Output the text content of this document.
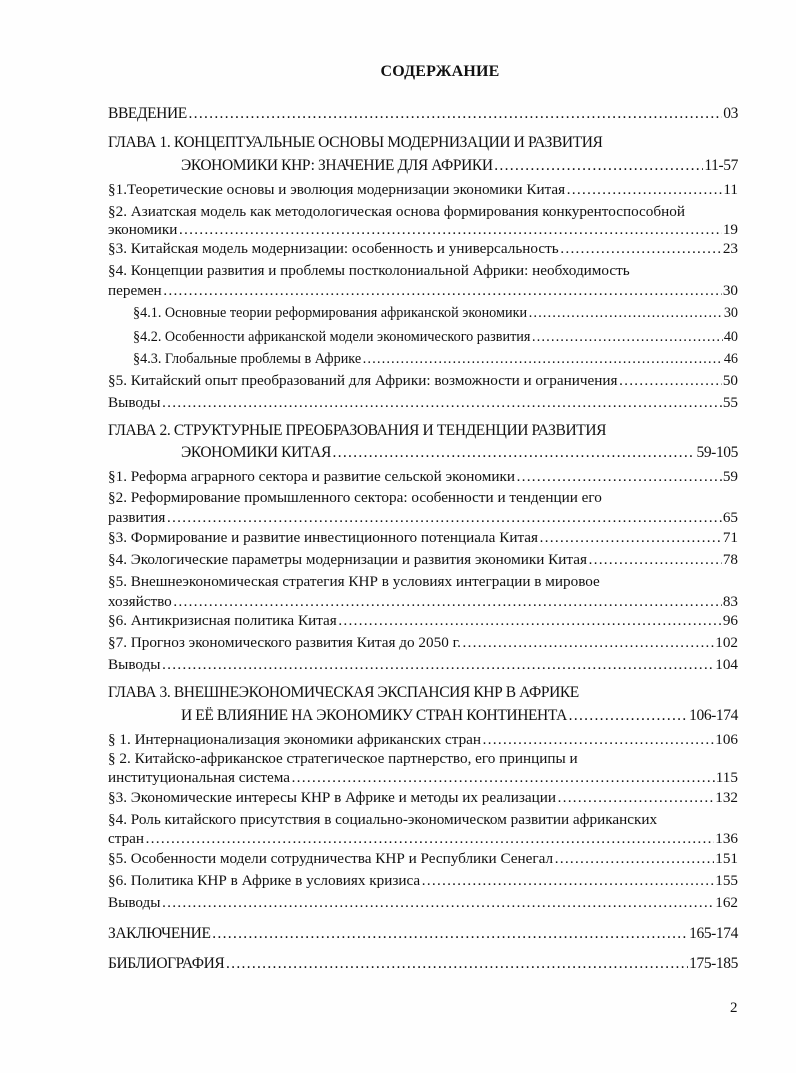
СОДЕРЖАНИЕ
ВВЕДЕНИЕ …………………………………………………………………………………………………………………………………………………………………………………………	03
ГЛАВА 1. КОНЦЕПТУАЛЬНЫЕ ОСНОВЫ МОДЕРНИЗАЦИИ И РАЗВИТИЯ
ЭКОНОМИКИ КНР: ЗНАЧЕНИЕ ДЛЯ АФРИКИ …………………………………………………………………………………………………………………………………………………………………………………………	11-57
§1.Теоретические основы и эволюция модернизации экономики Китая …………………………………………………………………………………………………………………………………………………………………………………………	11
§2. Азиатская модель как методологическая основа формирования конкурентоспособной
экономики …………………………………………………………………………………………………………………………………………………………………………………………	19
§3. Китайская модель модернизации: особенность и универсальность …………………………………………………………………………………………………………………………………………………………………………………………	23
§4. Концепции развития и проблемы постколониальной Африки: необходимость
перемен …………………………………………………………………………………………………………………………………………………………………………………………	30
§4.1. Основные теории реформирования африканской экономики …………………………………………………………………………………………………………………………………………………………………………………………	30
§4.2. Особенности африканской модели экономического развития …………………………………………………………………………………………………………………………………………………………………………………………	40
§4.3. Глобальные проблемы в Африке …………………………………………………………………………………………………………………………………………………………………………………………	46
§5. Китайский опыт преобразований для Африки: возможности и ограничения …………………………………………………………………………………………………………………………………………………………………………………………	50
Выводы …………………………………………………………………………………………………………………………………………………………………………………………	55
ГЛАВА 2. СТРУКТУРНЫЕ ПРЕОБРАЗОВАНИЯ И ТЕНДЕНЦИИ РАЗВИТИЯ
ЭКОНОМИКИ КИТАЯ …………………………………………………………………………………………………………………………………………………………………………………………	59-105
§1. Реформа аграрного сектора и развитие сельской экономики …………………………………………………………………………………………………………………………………………………………………………………………	59
§2. Реформирование промышленного сектора: особенности и тенденции его
развития …………………………………………………………………………………………………………………………………………………………………………………………	65
§3. Формирование и развитие инвестиционного потенциала Китая …………………………………………………………………………………………………………………………………………………………………………………………	71
§4. Экологические параметры модернизации и развития экономики Китая …………………………………………………………………………………………………………………………………………………………………………………………	78
§5. Внешнеэкономическая стратегия КНР в условиях интеграции в мировое
хозяйство …………………………………………………………………………………………………………………………………………………………………………………………	83
§6. Антикризисная политика Китая …………………………………………………………………………………………………………………………………………………………………………………………	96
§7. Прогноз экономического развития Китая до 2050 г. …………………………………………………………………………………………………………………………………………………………………………………………	102
Выводы …………………………………………………………………………………………………………………………………………………………………………………………	104
ГЛАВА 3. ВНЕШНЕЭКОНОМИЧЕСКАЯ ЭКСПАНСИЯ КНР В АФРИКЕ
И ЕЁ ВЛИЯНИЕ НА ЭКОНОМИКУ СТРАН КОНТИНЕНТА …………………………………………………………………………………………………………………………………………………………………………………………	106-174
§ 1. Интернационализация экономики африканских стран …………………………………………………………………………………………………………………………………………………………………………………………	106
§ 2. Китайско-африканское стратегическое партнерство, его принципы и
институциональная система …………………………………………………………………………………………………………………………………………………………………………………………	115
§3. Экономические интересы КНР в Африке и методы их реализации …………………………………………………………………………………………………………………………………………………………………………………………	132
§4. Роль китайского присутствия в социально-экономическом развитии африканских
стран …………………………………………………………………………………………………………………………………………………………………………………………	136
§5. Особенности модели сотрудничества КНР и Республики Сенегал …………………………………………………………………………………………………………………………………………………………………………………………	151
§6. Политика КНР в Африке в условиях кризиса …………………………………………………………………………………………………………………………………………………………………………………………	155
Выводы …………………………………………………………………………………………………………………………………………………………………………………………	162
ЗАКЛЮЧЕНИЕ …………………………………………………………………………………………………………………………………………………………………………………………	165-174
БИБЛИОГРАФИЯ …………………………………………………………………………………………………………………………………………………………………………………………	175-185
2
